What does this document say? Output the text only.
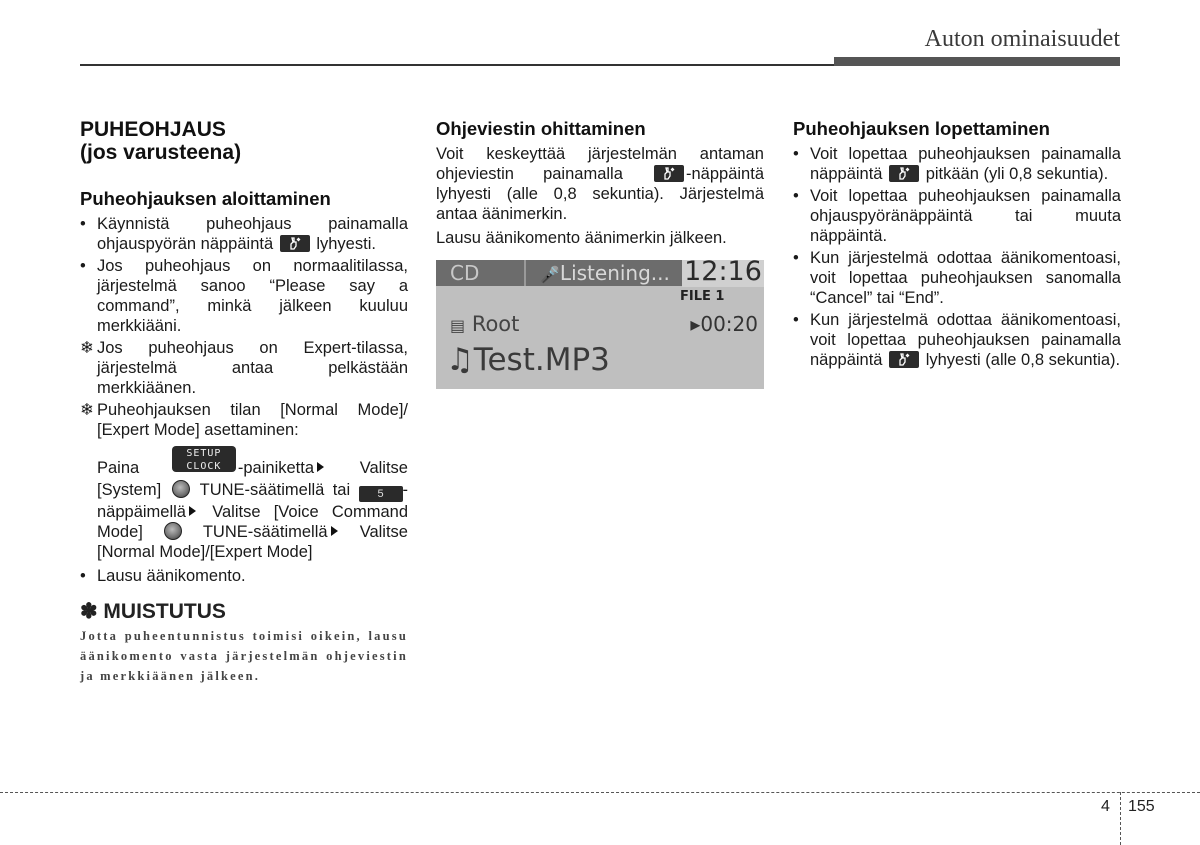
Auton ominaisuudet
PUHEOHJAUS
(jos varusteena)
Puheohjauksen aloittaminen
• Käynnistä puheohjaus painamalla ohjauspyörän näppäintä	lyhyesti.
• Jos puheohjaus on normaalitilassa, järjestelmä sanoo “Please say a command”, minkä jälkeen kuuluu merkkiääni.
❄ Jos puheohjaus on Expert-tilassa, järjestelmä antaa pelkästään merkkiäänen.
❄ Puheohjauksen tilan [Normal Mode]/ [Expert Mode] asettaminen:
Paina
SETUP
CLOCK -painiketta	Valitse [System] TUNE-säätimellä tai 5 -näppäimellä Valitse [Voice Command Mode]	TUNE-säätimellä Valitse [Normal Mode]/[Expert Mode]
• Lausu äänikomento.
✽ MUISTUTUS
Jotta puheentunnistus toimisi oikein, lausu äänikomento vasta järjestelmän ohjeviestin ja merkkiäänen jälkeen.
Ohjeviestin ohittaminen

Voit keskeyttää järjestelmän antaman ohjeviestin painamalla	-näppäintä lyhyesti (alle 0,8 sekuntia). Järjestelmä antaa äänimerkin.

Lausu äänikomento äänimerkin jälkeen.

CD	🎤Listening... 12:16
FILE 1
▤ Root	▸00:20
♫Test.MP3
Puheohjauksen lopettaminen
• Voit lopettaa puheohjauksen painamalla näppäintä	pitkään (yli 0,8 sekuntia).
• Voit lopettaa puheohjauksen painamalla ohjauspyöränäppäintä tai muuta näppäintä.
• Kun järjestelmä odottaa äänikomentoasi, voit lopettaa puheohjauksen sanomalla “Cancel” tai “End”.
• Kun järjestelmä odottaa äänikomentoasi, voit lopettaa puheohjauksen painamalla näppäintä	lyhyesti (alle 0,8 sekuntia).
4 155
